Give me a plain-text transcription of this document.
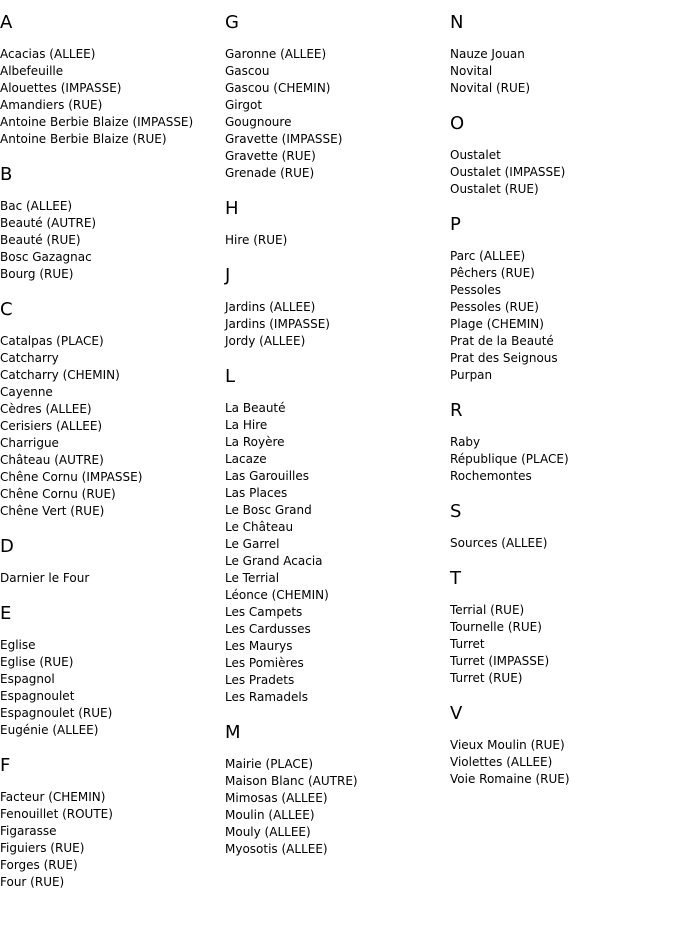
A
Acacias (ALLEE)
Albefeuille
Alouettes (IMPASSE)
Amandiers (RUE)
Antoine Berbie Blaize (IMPASSE)
Antoine Berbie Blaize (RUE)
B
Bac (ALLEE)
Beauté (AUTRE)
Beauté (RUE)
Bosc Gazagnac
Bourg (RUE)
C
Catalpas (PLACE)
Catcharry
Catcharry (CHEMIN)
Cayenne
Cèdres (ALLEE)
Cerisiers (ALLEE)
Charrigue
Château (AUTRE)
Chêne Cornu (IMPASSE)
Chêne Cornu (RUE)
Chêne Vert (RUE)
D
Darnier le Four
E
Eglise
Eglise (RUE)
Espagnol
Espagnoulet
Espagnoulet (RUE)
Eugénie (ALLEE)
F
Facteur (CHEMIN)
Fenouillet (ROUTE)
Figarasse
Figuiers (RUE)
Forges (RUE)
Four (RUE)
G
Garonne (ALLEE)
Gascou
Gascou (CHEMIN)
Girgot
Gougnoure
Gravette (IMPASSE)
Gravette (RUE)
Grenade (RUE)
H
Hire (RUE)
J
Jardins (ALLEE)
Jardins (IMPASSE)
Jordy (ALLEE)
L
La Beauté
La Hire
La Royère
Lacaze
Las Garouilles
Las Places
Le Bosc Grand
Le Château
Le Garrel
Le Grand Acacia
Le Terrial
Léonce (CHEMIN)
Les Campets
Les Cardusses
Les Maurys
Les Pomières
Les Pradets
Les Ramadels
M
Mairie (PLACE)
Maison Blanc (AUTRE)
Mimosas (ALLEE)
Moulin (ALLEE)
Mouly (ALLEE)
Myosotis (ALLEE)
N
Nauze Jouan
Novital
Novital (RUE)
O
Oustalet
Oustalet (IMPASSE)
Oustalet (RUE)
P
Parc (ALLEE)
Pêchers (RUE)
Pessoles
Pessoles (RUE)
Plage (CHEMIN)
Prat de la Beauté
Prat des Seignous
Purpan
R
Raby
République (PLACE)
Rochemontes
S
Sources (ALLEE)
T
Terrial (RUE)
Tournelle (RUE)
Turret
Turret (IMPASSE)
Turret (RUE)
V
Vieux Moulin (RUE)
Violettes (ALLEE)
Voie Romaine (RUE)
